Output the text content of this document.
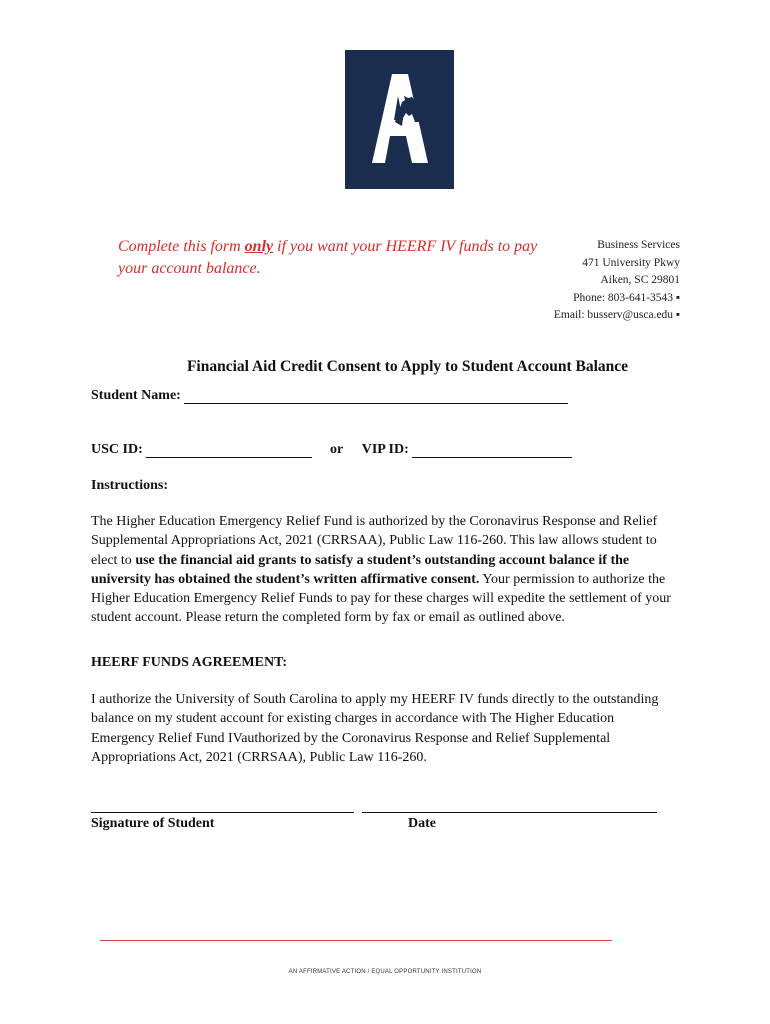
Complete this form only if you want your HEERF IV funds to pay your account balance.
Business Services
471 University Pkwy
Aiken, SC 29801
Phone: 803-641-3543 ▪
Email: busserv@usca.edu ▪
Financial Aid Credit Consent to Apply to Student Account Balance
Student Name:
USC ID:	or VIP ID:
Instructions:
The Higher Education Emergency Relief Fund is authorized by the Coronavirus Response and Relief Supplemental Appropriations Act, 2021 (CRRSAA), Public Law 116-260. This law allows student to elect to use the financial aid grants to satisfy a student’s outstanding account balance if the university has obtained the student’s written affirmative consent. Your permission to authorize the Higher Education Emergency Relief Funds to pay for these charges will expedite the settlement of your student account. Please return the completed form by fax or email as outlined above.
HEERF FUNDS AGREEMENT:
I authorize the University of South Carolina to apply my HEERF IV funds directly to the outstanding balance on my student account for existing charges in accordance with The Higher Education Emergency Relief Fund IVauthorized by the Coronavirus Response and Relief Supplemental Appropriations Act, 2021 (CRRSAA), Public Law 116-260.
Signature of Student	Date
AN AFFIRMATIVE ACTION / EQUAL OPPORTUNITY INSTITUTION
